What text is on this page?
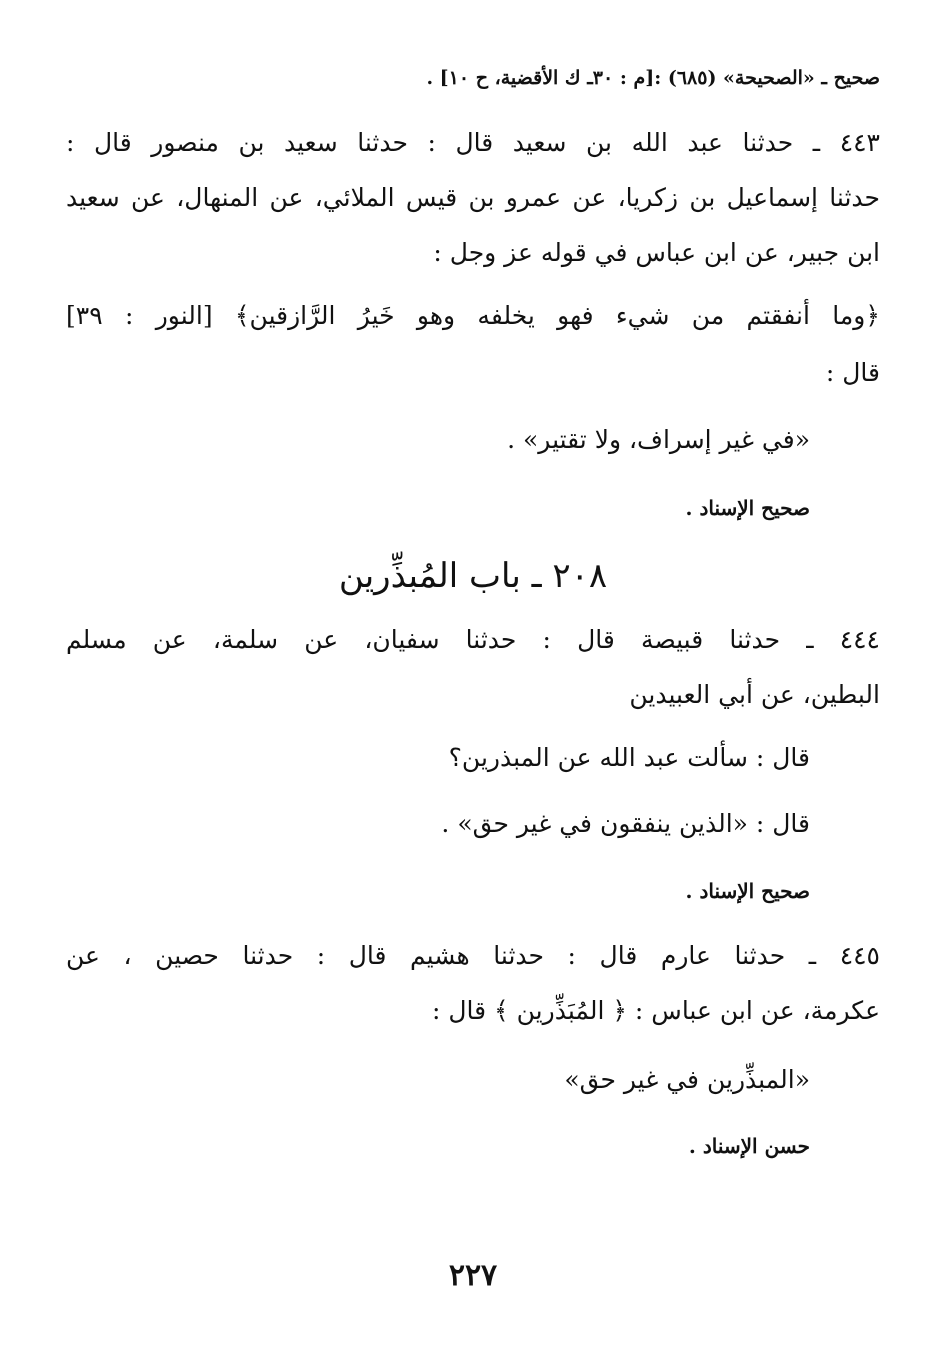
صحيح ـ «الصحيحة» (٦٨٥) :[م : ٣٠ـ ك الأقضية، ح ١٠] .
٤٤٣ ـ حدثنا عبد الله بن سعيد قال : حدثنا سعيد بن منصور قال :
حدثنا إسماعيل بن زكريا، عن عمرو بن قيس الملائي، عن المنهال، عن سعيد
ابن جبير، عن ابن عباس في قوله عز وجل :
﴿وما أنفقتم من شيء فهو يخلفه وهو خَيرُ الرَّازقين﴾ [النور : ٣٩]
قال :
«في غير إسراف، ولا تقتير» .
صحيح الإسناد .
٢٠٨ ـ باب المُبذِّرين
٤٤٤ ـ حدثنا قبيصة قال : حدثنا سفيان، عن سلمة، عن مسلم
البطين، عن أبي العبيدين
قال : سألت عبد الله عن المبذرين؟
قال : «الذين ينفقون في غير حق» .
صحيح الإسناد .
٤٤٥ ـ حدثنا عارم قال : حدثنا هشيم قال : حدثنا حصين ، عن
عكرمة، عن ابن عباس : ﴿ المُبَذِّرين ﴾ قال :
«المبذِّرين في غير حق»
حسن الإسناد .
٢٢٧
